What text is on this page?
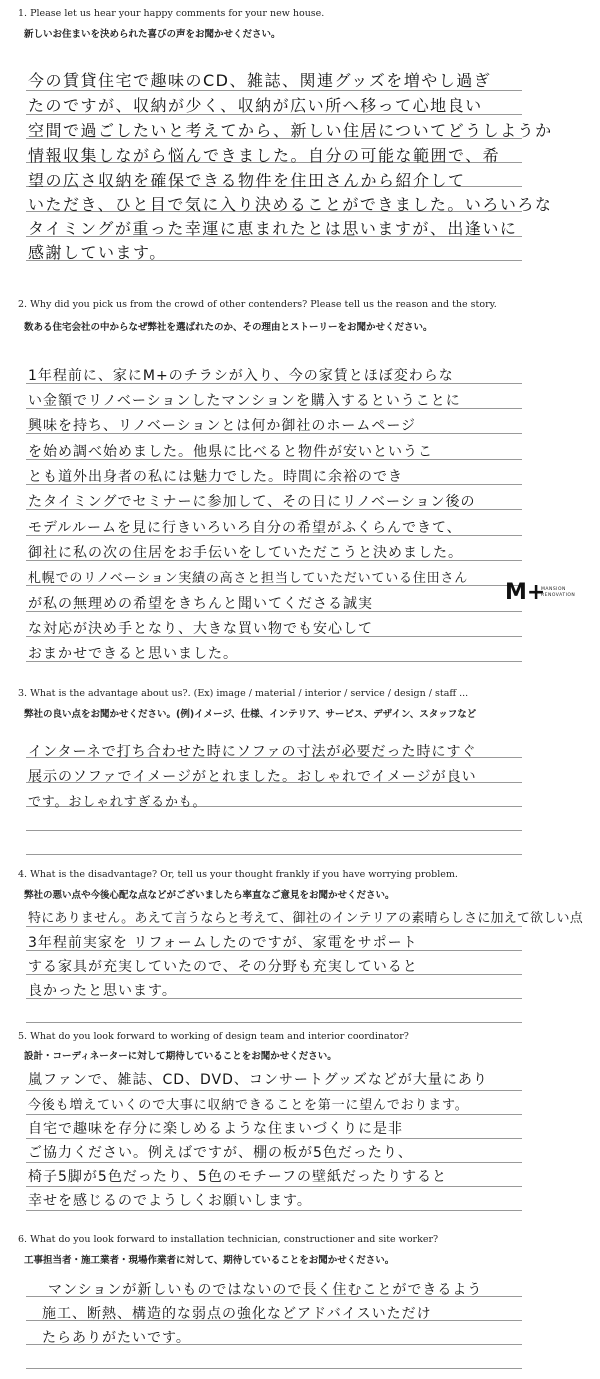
1. Please let us hear your happy comments for your new house.
新しいお住まいを決められた喜びの声をお聞かせください。
今の賃貸住宅で趣味のCD、雑誌、関連グッズを増やし過ぎ
たのですが、収納が少く、収納が広い所へ移って心地良い
空間で過ごしたいと考えてから、新しい住居についてどうしようか
情報収集しながら悩んできました。自分の可能な範囲で、希
望の広さ収納を確保できる物件を住田さんから紹介して
いただき、ひと目で気に入り決めることができました。いろいろな
タイミングが重った幸運に恵まれたとは思いますが、出逢いに
感謝しています。
2. Why did you pick us from the crowd of other contenders? Please tell us the reason and the story.
数ある住宅会社の中からなぜ弊社を選ばれたのか、その理由とストーリーをお聞かせください。
1年程前に、家にM+のチラシが入り、今の家賃とほぼ変わらな
い金額でリノベーションしたマンションを購入するということに
興味を持ち、リノベーションとは何か御社のホームページ
を始め調べ始めました。他県に比べると物件が安いというこ
とも道外出身者の私には魅力でした。時間に余裕のでき
たタイミングでセミナーに参加して、その日にリノベーション後の
モデルルームを見に行きいろいろ自分の希望がふくらんできて、
御社に私の次の住居をお手伝いをしていただこうと決めました。
札幌でのリノベーション実績の高さと担当していただいている住田さん
が私の無理めの希望をきちんと聞いてくださる誠実
な対応が決め手となり、大きな買い物でも安心して
おまかせできると思いました。
M+
MANSION
RENOVATION
3. What is the advantage about us?. (Ex) image / material / interior / service / design / staff ...
弊社の良い点をお聞かせください。(例)イメージ、仕様、インテリア、サービス、デザイン、スタッフなど
インターネで打ち合わせた時にソファの寸法が必要だった時にすぐ
展示のソファでイメージがとれました。おしゃれでイメージが良い
です。おしゃれすぎるかも。
4. What is the disadvantage? Or, tell us your thought frankly if you have worrying problem.
弊社の悪い点や今後心配な点などがございましたら率直なご意見をお聞かせください。
特にありません。あえて言うならと考えて、御社のインテリアの素晴らしさに加えて欲しい点
3年程前実家を リフォームしたのですが、家電をサポート
する家具が充実していたので、その分野も充実していると
良かったと思います。
5. What do you look forward to working of design team and interior coordinator?
設計・コーディネーターに対して期待していることをお聞かせください。
嵐ファンで、雑誌、CD、DVD、コンサートグッズなどが大量にあり
今後も増えていくので大事に収納できることを第一に望んでおります。
自宅で趣味を存分に楽しめるような住まいづくりに是非
ご協力ください。例えばですが、棚の板が5色だったり、
椅子5脚が5色だったり、5色のモチーフの壁紙だったりすると
幸せを感じるのでようしくお願いします。
6. What do you look forward to installation technician, constructioner and site worker?
工事担当者・施工業者・現場作業者に対して、期待していることをお聞かせください。
マンションが新しいものではないので長く住むことができるよう
施工、断熱、構造的な弱点の強化などアドバイスいただけ
たらありがたいです。
